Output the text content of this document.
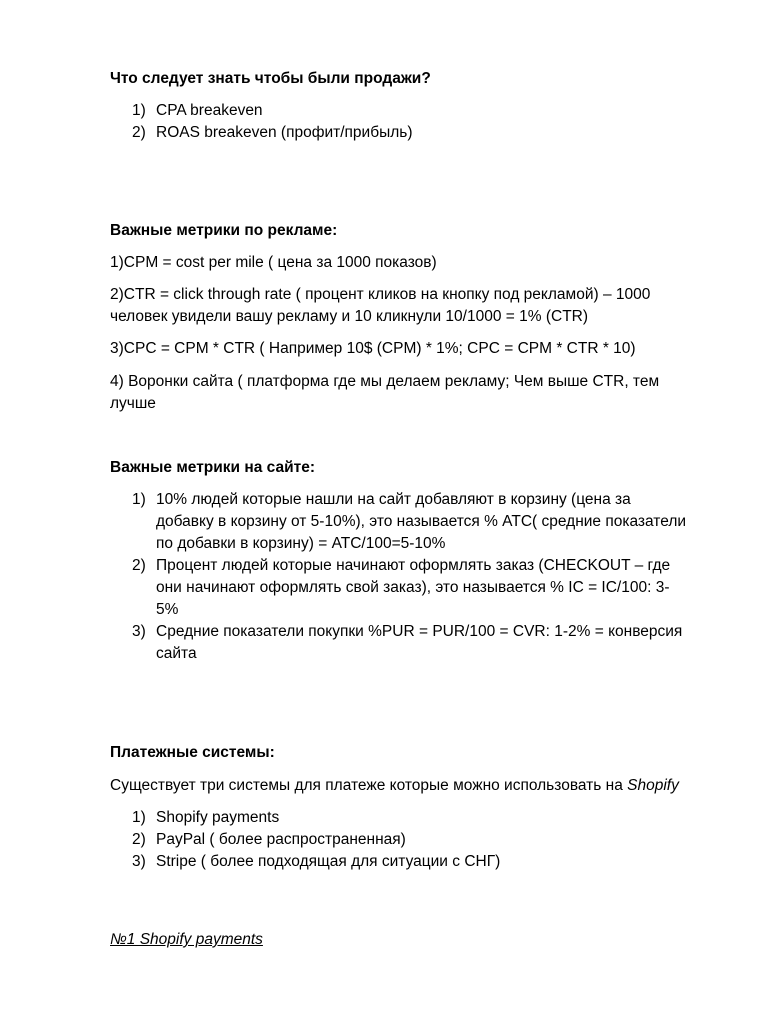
Что следует знать чтобы были продажи?

1) CPA breakeven
2) ROAS breakeven (профит/прибыль)

Важные метрики по рекламе:

1)CPM = cost per mile ( цена за 1000 показов)

2)CTR = click through rate ( процент кликов на кнопку под рекламой) – 1000
человек увидели вашу рекламу и 10 кликнули 10/1000 = 1% (CTR)

3)CPC = CPM * CTR ( Например 10$ (CPM) * 1%; CPC = CPM * CTR * 10)

4) Воронки сайта ( платформа где мы делаем рекламу; Чем выше CTR, тем
лучше

Важные метрики на сайте:

1) 10% людей которые нашли на сайт добавляют в корзину (цена за
добавку в корзину от 5-10%), это называется % ATC( средние показатели
по добавки в корзину) = ATC/100=5-10%
2) Процент людей которые начинают оформлять заказ (CHECKOUT – где
они начинают оформлять свой заказ), это называется % IC = IC/100: 3-
5%
3) Средние показатели покупки %PUR = PUR/100 = CVR: 1-2% = конверсия
сайта

Платежные системы:

Существует три системы для платеже которые можно использовать на Shopify

1) Shopify payments
2) PayPal ( более распространенная)
3) Stripe ( более подходящая для ситуации с СНГ)

№1 Shopify payments
